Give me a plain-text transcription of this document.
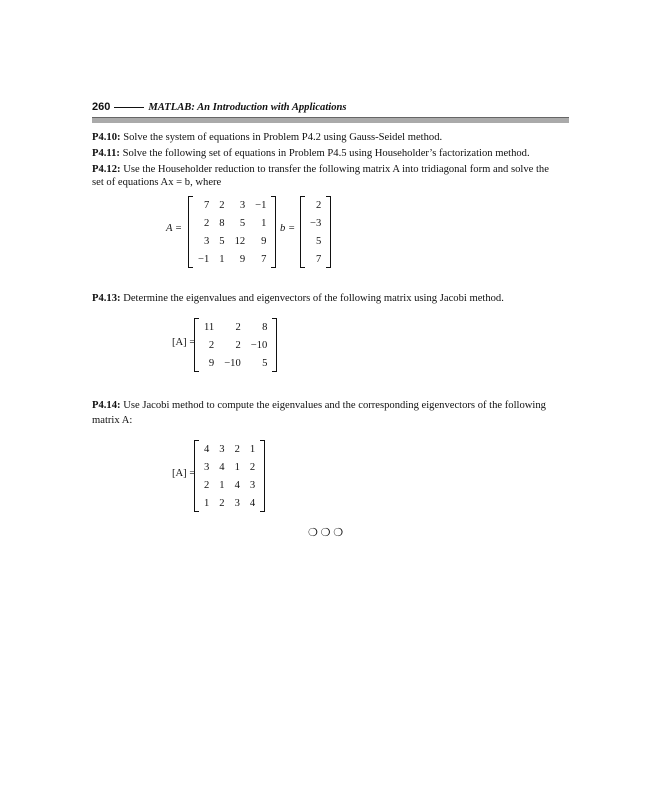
260	MATLAB: An Introduction with Applications
P4.10: Solve the system of equations in Problem P4.2 using Gauss-Seidel method.
P4.11: Solve the following set of equations in Problem P4.5 using Householder’s factorization method.
P4.12: Use the Householder reduction to transfer the following matrix A into tridiagonal form and solve the
set of equations Ax = b, where
A =
7	2	3	−1
2	8	5	1
3	5	12	9
−1	1	9	7
b =
2
−3
5
7
P4.13: Determine the eigenvalues and eigenvectors of the following matrix using Jacobi method.
[A] =
11	2	8
2	2	−10
9	−10	5
P4.14: Use Jacobi method to compute the eigenvalues and the corresponding eigenvectors of the following
matrix A:
[A] =
4	3	2	1
3	4	1	2
2	1	4	3
1	2	3	4
❍ ❍ ❍
